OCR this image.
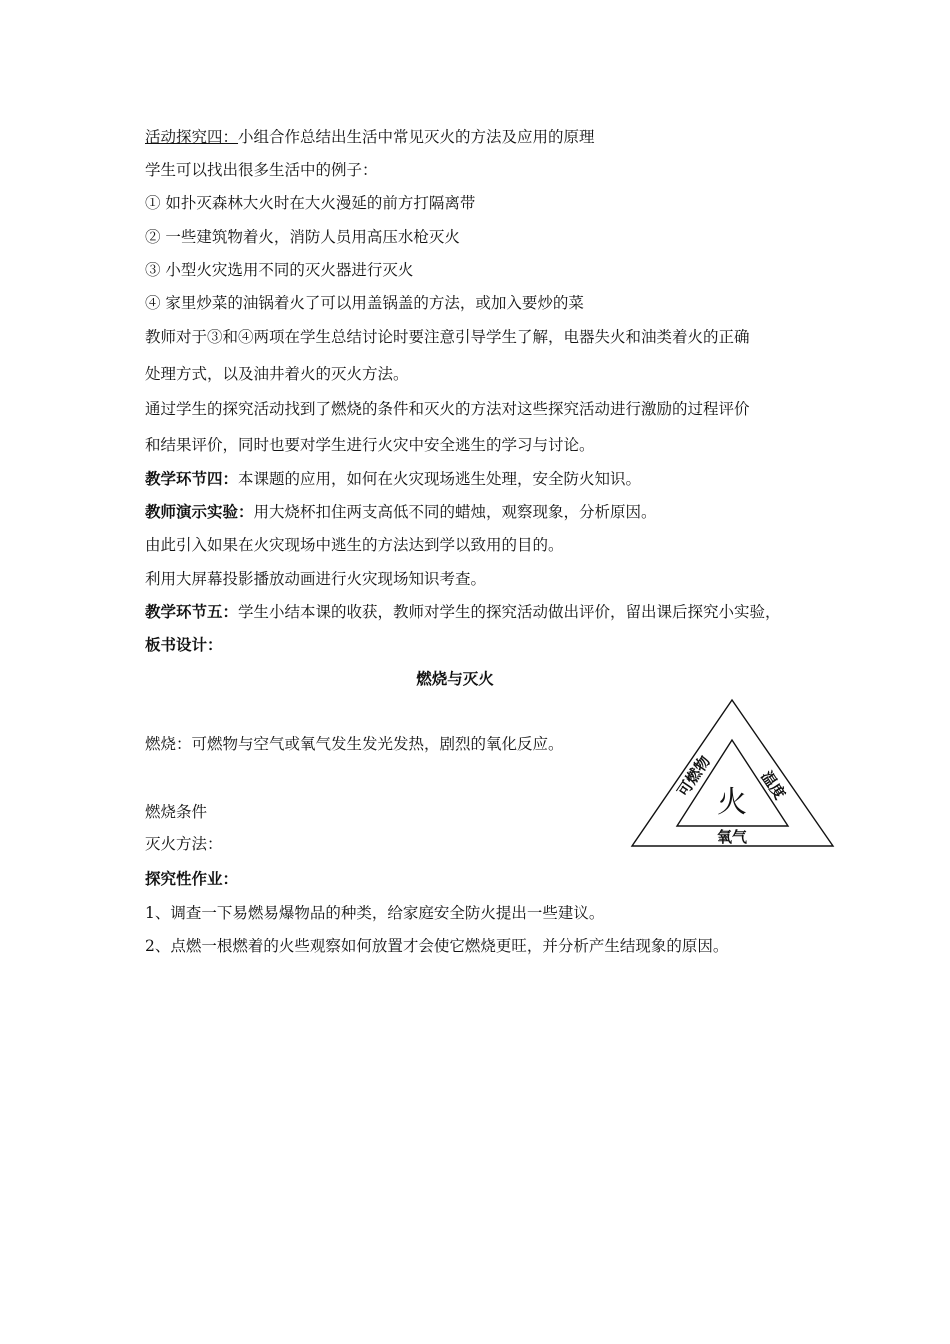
活动探究四：小组合作总结出生活中常见灭火的方法及应用的原理
学生可以找出很多生活中的例子：
① 如扑灭森林大火时在大火漫延的前方打隔离带
② 一些建筑物着火，消防人员用高压水枪灭火
③ 小型火灾选用不同的灭火器进行灭火
④ 家里炒菜的油锅着火了可以用盖锅盖的方法，或加入要炒的菜
教师对于③和④两项在学生总结讨论时要注意引导学生了解，电器失火和油类着火的正确
处理方式，以及油井着火的灭火方法。
通过学生的探究活动找到了燃烧的条件和灭火的方法对这些探究活动进行激励的过程评价
和结果评价，同时也要对学生进行火灾中安全逃生的学习与讨论。
教学环节四：本课题的应用，如何在火灾现场逃生处理，安全防火知识。
教师演示实验：用大烧杯扣住两支高低不同的蜡烛，观察现象，分析原因。
由此引入如果在火灾现场中逃生的方法达到学以致用的目的。
利用大屏幕投影播放动画进行火灾现场知识考查。
教学环节五：学生小结本课的收获，教师对学生的探究活动做出评价，留出课后探究小实验，
板书设计：
燃烧与灭火
燃烧：可燃物与空气或氧气发生发光发热，剧烈的氧化反应。
燃烧条件
灭火方法：
火
可燃物	温度
氧气
探究性作业：
1、调查一下易燃易爆物品的种类，给家庭安全防火提出一些建议。
2、点燃一根燃着的火些观察如何放置才会使它燃烧更旺，并分析产生结现象的原因。
